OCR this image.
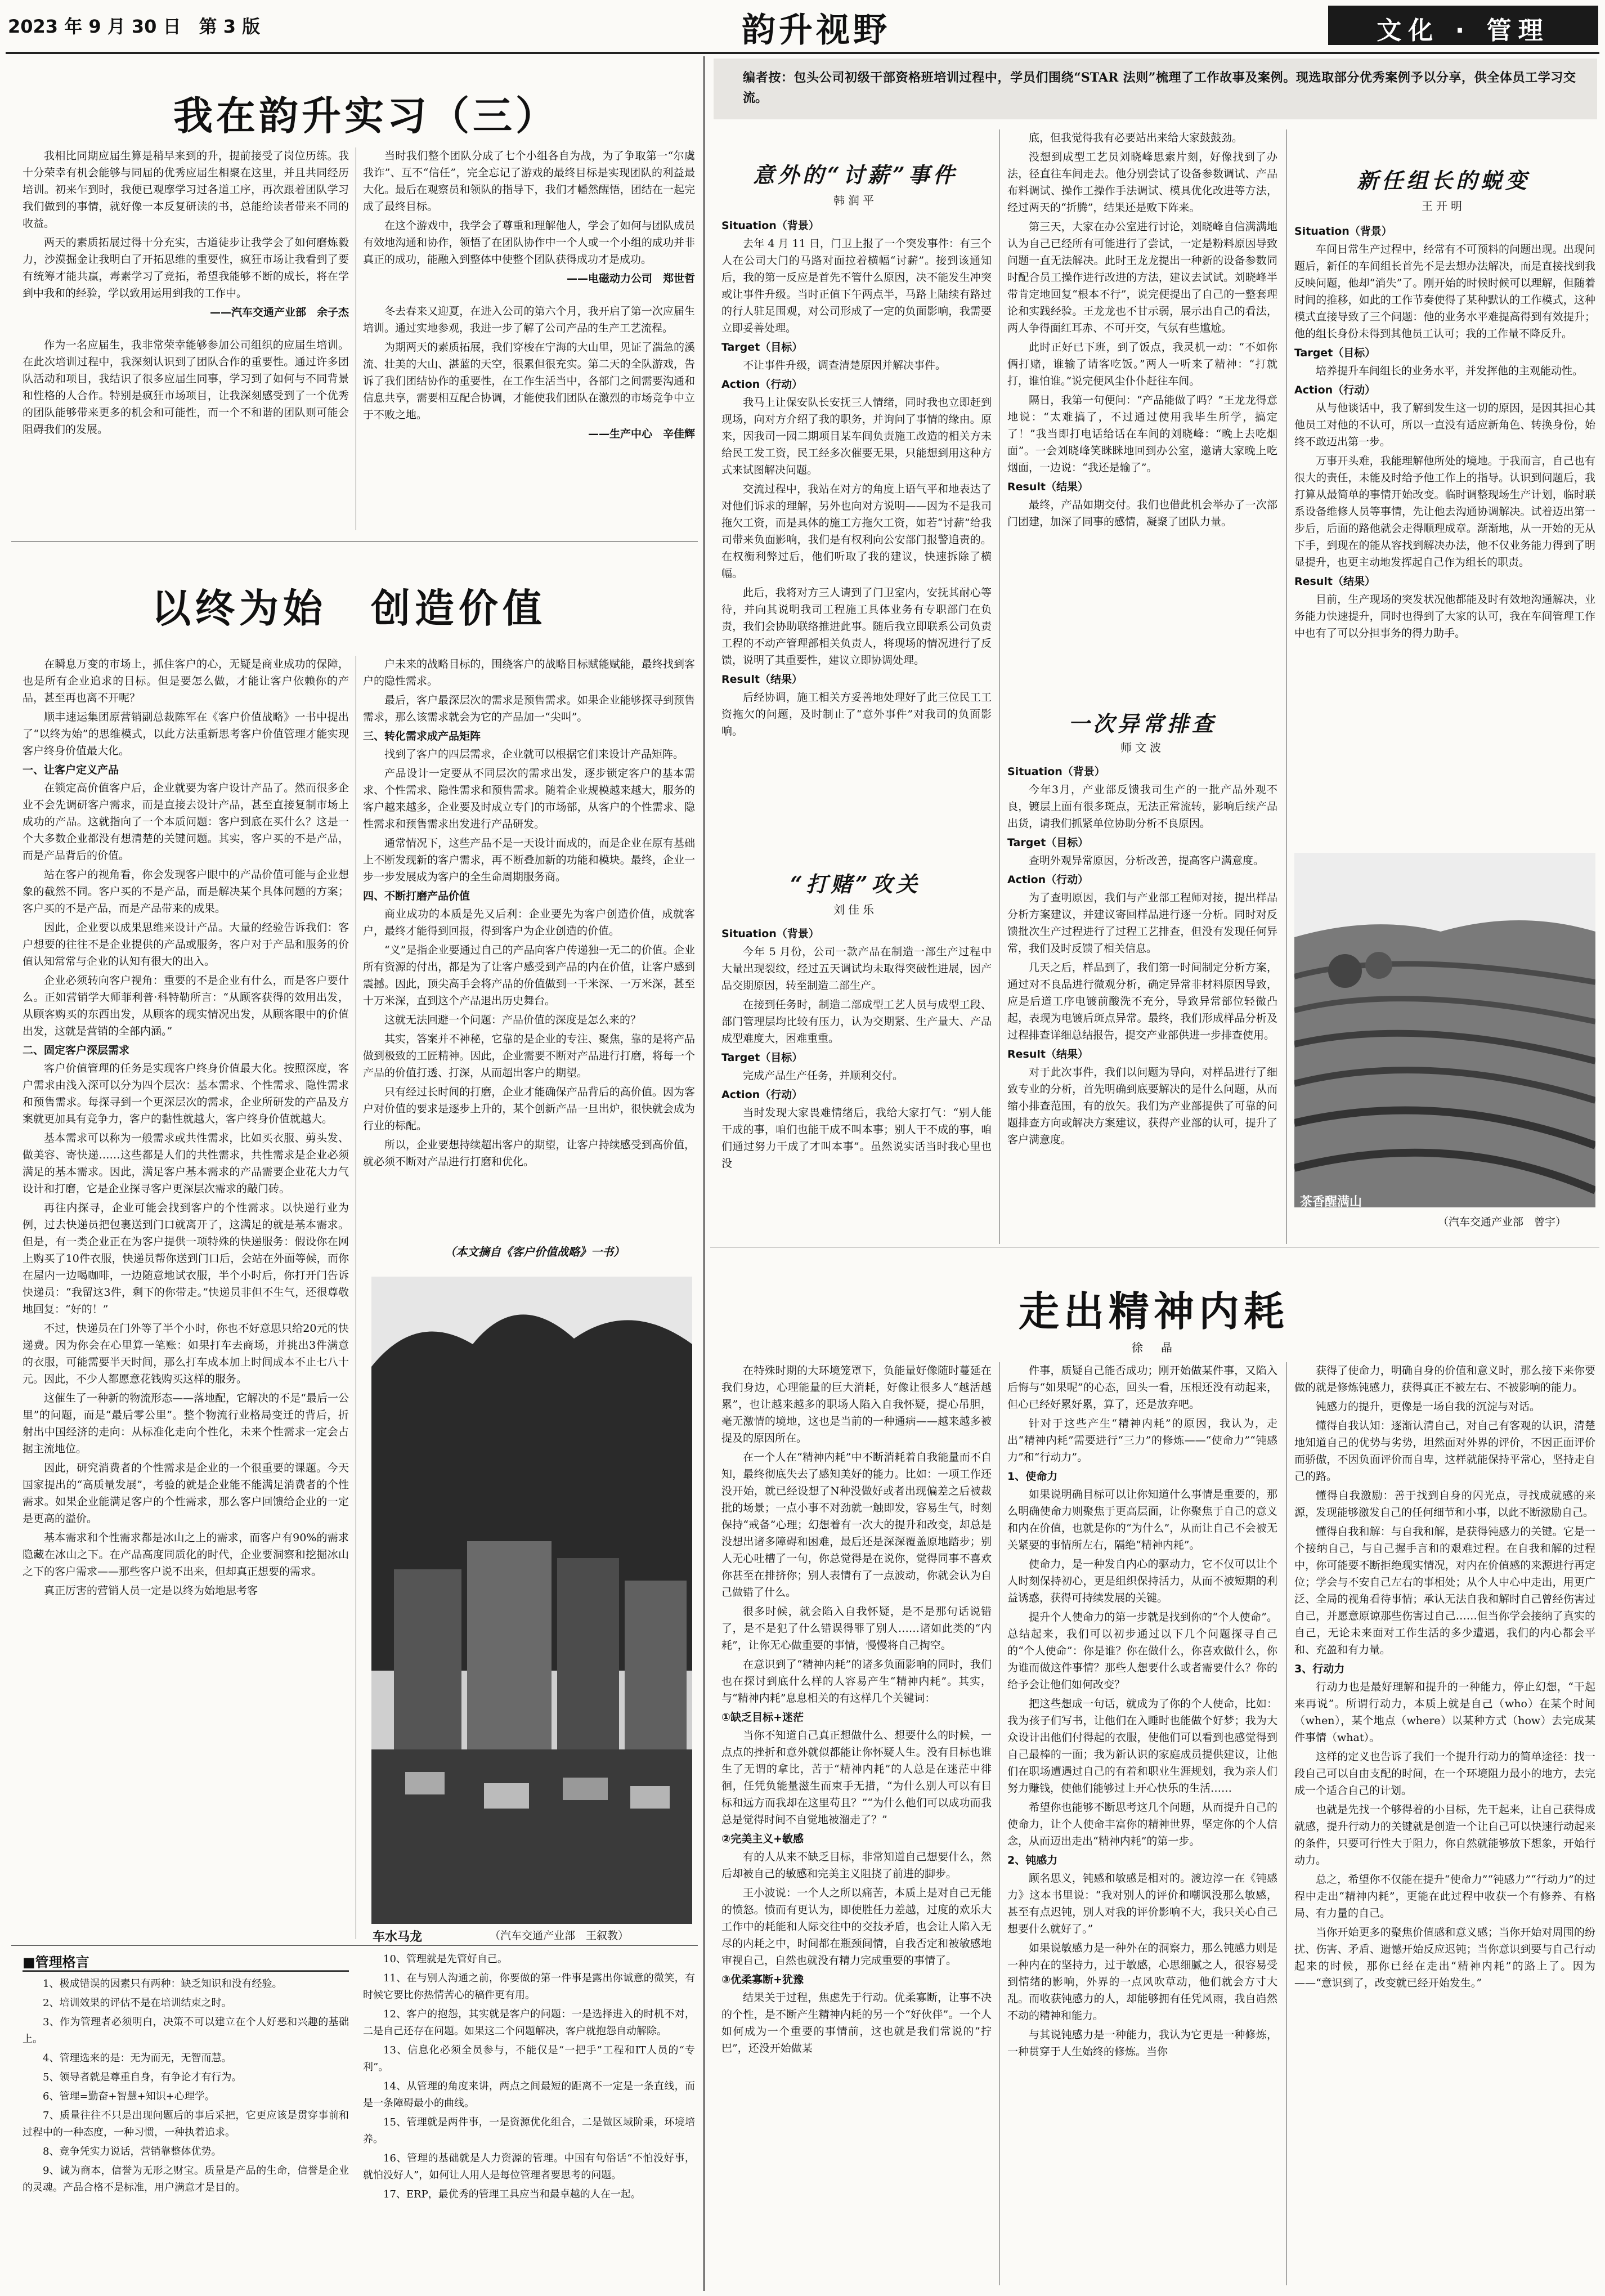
2023 年 9 月 30 日　第 3 版	韵升视野	文化 · 管理
我在韵升实习（三）

我相比同期应届生算是稍早来到的升，提前接受了岗位历练。我十分荣幸有机会能够与同届的优秀应届生相聚在这里，并且共同经历培训。初来乍到时，我便已观摩学习过各道工序，再次跟着团队学习我们做到的事情，就好像一本反复研读的书，总能给读者带来不同的收益。

两天的素质拓展过得十分充实，古道徒步让我学会了如何磨炼毅力，沙漠掘金让我明白了开拓思维的重要性，疯狂市场让我看到了要有统筹才能共赢，毒素学习了竞拓，希望我能够不断的成长，将在学到中我和的经验，学以致用运用到我的工作中。

——汽车交通产业部　余子杰

作为一名应届生，我非常荣幸能够参加公司组织的应届生培训。在此次培训过程中，我深刻认识到了团队合作的重要性。通过许多团队活动和项目，我结识了很多应届生同事，学习到了如何与不同背景和性格的人合作。特别是疯狂市场项目，让我深刻感受到了一个优秀的团队能够带来更多的机会和可能性，而一个不和谐的团队则可能会阻碍我们的发展。

当时我们整个团队分成了七个小组各自为战，为了争取第一“尔虞我诈”、互不“信任”，完全忘记了游戏的最终目标是实现团队的利益最大化。最后在观察员和领队的指导下，我们才幡然醒悟，团结在一起完成了最终目标。

在这个游戏中，我学会了尊重和理解他人，学会了如何与团队成员有效地沟通和协作，领悟了在团队协作中一个人或一个小组的成功并非真正的成功，能融入到整体中使整个团队获得成功才是成功。

——电磁动力公司　郑世哲

冬去春来又迎夏，在进入公司的第六个月，我开启了第一次应届生培训。通过实地参观，我进一步了解了公司产品的生产工艺流程。

为期两天的素质拓展，我们穿梭在宁海的大山里，见证了湍急的溪流、壮美的大山、湛蓝的天空，很累但很充实。第二天的全队游戏，告诉了我们团结协作的重要性，在工作生活当中，各部门之间需要沟通和信息共享，需要相互配合协调，才能使我们团队在激烈的市场竞争中立于不败之地。

——生产中心　辛佳辉

以终为始　创造价值

在瞬息万变的市场上，抓住客户的心，无疑是商业成功的保障，也是所有企业追求的目标。但是要怎么做，才能让客户依赖你的产品，甚至再也离不开呢？

顺丰速运集团原营销副总裁陈军在《客户价值战略》一书中提出了“以终为始”的思维模式，以此方法重新思考客户价值管理才能实现客户终身价值最大化。

一、让客户定义产品

在锁定高价值客户后，企业就要为客户设计产品了。然而很多企业不会先调研客户需求，而是直接去设计产品，甚至直接复制市场上成功的产品。这就指向了一个本质问题：客户到底在买什么？这是一个大多数企业都没有想清楚的关键问题。其实，客户买的不是产品，而是产品背后的价值。

站在客户的视角看，你会发现客户眼中的产品价值可能与企业想象的截然不同。客户买的不是产品，而是解决某个具体问题的方案；客户买的不是产品，而是产品带来的成果。

因此，企业要以成果思维来设计产品。大量的经验告诉我们：客户想要的往往不是企业提供的产品或服务，客户对于产品和服务的价值认知常常与企业的认知有很大的出入。

企业必须转向客户视角：重要的不是企业有什么，而是客户要什么。正如营销学大师菲利普·科特勒所言：“从顾客获得的效用出发，从顾客购买的东西出发，从顾客的现实情况出发，从顾客眼中的价值出发，这就是营销的全部内涵。”

二、固定客户深层需求

客户价值管理的任务是实现客户终身价值最大化。按照深度，客户需求由浅入深可以分为四个层次：基本需求、个性需求、隐性需求和预售需求。每探寻到一个更深层次的需求，企业所研发的产品及方案就更加具有竞争力，客户的黏性就越大，客户终身价值就越大。

基本需求可以称为一般需求或共性需求，比如买衣服、剪头发、做美容、寄快递……这些都是人们的共性需求，共性需求是企业必须满足的基本需求。因此，满足客户基本需求的产品需要企业花大力气设计和打磨，它是企业探寻客户更深层次需求的敲门砖。

再往内探寻，企业可能会找到客户的个性需求。以快递行业为例，过去快递员把包裹送到门口就离开了，这满足的就是基本需求。但是，有一类企业正在为客户提供一项特殊的快递服务：假设你在网上购买了10件衣服，快递员帮你送到门口后，会站在外面等候，而你在屋内一边喝咖啡，一边随意地试衣服，半个小时后，你打开门告诉快递员：“我留这3件，剩下的你带走。”快递员非但不生气，还很尊敬地回复：“好的！”

不过，快递员在门外等了半个小时，你也不好意思只给20元的快递费。因为你会在心里算一笔账：如果打车去商场，并挑出3件满意的衣服，可能需要半天时间，那么打车成本加上时间成本不止七八十元。因此，不少人都愿意花钱购买这样的服务。

这催生了一种新的物流形态——落地配，它解决的不是“最后一公里”的问题，而是“最后零公里”。整个物流行业格局变迁的背后，折射出中国经济的走向：从标准化走向个性化，未来个性需求一定会占据主流地位。

因此，研究消费者的个性需求是企业的一个很重要的课题。今天国家提出的“高质量发展”，考验的就是企业能不能满足消费者的个性需求。如果企业能满足客户的个性需求，那么客户回馈给企业的一定是更高的溢价。

基本需求和个性需求都是冰山之上的需求，而客户有90%的需求隐藏在冰山之下。在产品高度同质化的时代，企业要洞察和挖掘冰山之下的客户需求——那些客户说不出来，但却真正想要的需求。

真正厉害的营销人员一定是以终为始地思考客

户未来的战略目标的，围绕客户的战略目标赋能赋能，最终找到客户的隐性需求。

最后，客户最深层次的需求是预售需求。如果企业能够探寻到预售需求，那么该需求就会为它的产品加一“尖叫”。

三、转化需求成产品矩阵

找到了客户的四层需求，企业就可以根据它们来设计产品矩阵。

产品设计一定要从不同层次的需求出发，逐步锁定客户的基本需求、个性需求、隐性需求和预售需求。随着企业规模越来越大，服务的客户越来越多，企业要及时成立专门的市场部，从客户的个性需求、隐性需求和预售需求出发进行产品研发。

通常情况下，这些产品不是一天设计而成的，而是企业在原有基础上不断发现新的客户需求，再不断叠加新的功能和模块。最终，企业一步一步发展成为客户的全生命周期服务商。

四、不断打磨产品价值

商业成功的本质是先又后利：企业要先为客户创造价值，成就客户，最终才能得到回报，得到客户为企业创造的价值。

“义”是指企业要通过自己的产品向客户传递独一无二的价值。企业所有资源的付出，都是为了让客户感受到产品的内在价值，让客户感到震撼。因此，顶尖高手会将产品的价值做到一千米深、一万米深，甚至十万米深，直到这个产品退出历史舞台。

这就无法回避一个问题：产品价值的深度是怎么来的？

其实，答案并不神秘，它靠的是企业的专注、聚焦，靠的是将产品做到极致的工匠精神。因此，企业需要不断对产品进行打磨，将每一个产品的价值打透、打深，从而超出客户的期望。

只有经过长时间的打磨，企业才能确保产品背后的高价值。因为客户对价值的要求是逐步上升的，某个创新产品一旦出炉，很快就会成为行业的标配。

所以，企业要想持续超出客户的期望，让客户持续感受到高价值，就必须不断对产品进行打磨和优化。

（本文摘自《客户价值战略》一书）
车水马龙	（汽车交通产业部　王叙教）
■管理格言

1、极成错误的因素只有两种：缺乏知识和没有经验。

2、培训效果的评估不是在培训结束之时。

3、作为管理者必须明白，决策不可以建立在个人好恶和兴趣的基础上。

4、管理选来的是：无为而无，无智而慧。

5、领导者就是尊重自身，有争论才有行为。

6、管理=勤奋+智慧+知识+心理学。

7、质量往往不只是出现问题后的事后采把，它更应该是贯穿事前和过程中的一种态度，一种习惯，一种执着追求。

8、竞争凭实力说话，营销靠整体优势。

9、诚为商本，信誉为无形之财宝。质量是产品的生命，信誉是企业的灵魂。产品合格不是标准，用户满意才是目的。

10、管理就是先管好自己。

11、在与别人沟通之前，你要做的第一件事是露出你诚意的微笑，有时候它要比你热情苦心的稿件更有用。

12、客户的抱怨，其实就是客户的问题：一是选择进入的时机不对，二是自己还存在问题。如果这二个问题解决，客户就抱怨自动解除。

13、信息化必须全员参与，不能仅是“一把手”工程和IT人员的“专利”。

14、从管理的角度来讲，两点之间最短的距离不一定是一条直线，而是一条障碍最小的曲线。

15、管理就是两件事，一是资源优化组合，二是做区域阶乘，环境培养。

16、管理的基础就是人力资源的管理。中国有句俗话“不怕没好事，就怕没好人”，如何让人用人是每位管理者要思考的问题。

17、ERP，最优秀的管理工具应当和最卓越的人在一起。

编者按：包头公司初级干部资格班培训过程中，学员们围绕“STAR 法则”梳理了工作故事及案例。现选取部分优秀案例予以分享，供全体员工学习交流。
意外的“讨薪”事件
韩润平
Situation（背景）

去年 4 月 11 日，门卫上报了一个突发事件：有三个人在公司大门的马路对面拉着横幅“讨薪”。接到该通知后，我的第一反应是首先不管什么原因，决不能发生冲突或让事件升级。当时正值下午两点半，马路上陆续有路过的行人驻足围观，对公司形成了一定的负面影响，我需要立即妥善处理。

Target（目标）

不让事件升级，调查清楚原因并解决事件。

Action（行动）

我马上让保安队长安抚三人情绪，同时我也立即赶到现场，向对方介绍了我的职务，并询问了事情的缘由。原来，因我司一园二期项目某车间负责施工改造的相关方未给民工发工资，民工经多次催要无果，只能想到用这种方式来试图解决问题。

交流过程中，我站在对方的角度上语气平和地表达了对他们诉求的理解，另外也向对方说明——因为不是我司拖欠工资，而是具体的施工方拖欠工资，如若“讨薪”给我司带来负面影响，我们是有权利向公安部门报警追责的。在权衡利弊过后，他们听取了我的建议，快速拆除了横幅。

此后，我将对方三人请到了门卫室内，安抚其耐心等待，并向其说明我司工程施工具体业务有专职部门在负责，我们会协助联络推进此事。随后我立即联系公司负责工程的不动产管理部相关负责人，将现场的情况进行了反馈，说明了其重要性，建议立即协调处理。

Result（结果）

后经协调，施工相关方妥善地处理好了此三位民工工资拖欠的问题，及时制止了“意外事件”对我司的负面影响。

“打赌”攻关
刘佳乐
Situation（背景）

今年 5 月份，公司一款产品在制造一部生产过程中大量出现裂纹，经过五天调试均未取得突破性进展，因产品交期原因，转至制造二部生产。

在接到任务时，制造二部成型工艺人员与成型工段、部门管理层均比较有压力，认为交期紧、生产量大、产品成型难度大，困难重重。

Target（目标）

完成产品生产任务，并顺利交付。

Action（行动）

当时发现大家畏难情绪后，我给大家打气：“别人能干成的事，咱们也能干成不叫本事；别人干不成的事，咱们通过努力干成了才叫本事”。虽然说实话当时我心里也没

底，但我觉得我有必要站出来给大家鼓鼓劲。

没想到成型工艺员刘晓峰思索片刻，好像找到了办法，径直往车间走去。他分别尝试了设备参数调试、产品布料调试、操作工操作手法调试、模具优化改进等方法，经过两天的“折腾”，结果还是败下阵来。

第三天，大家在办公室进行讨论，刘晓峰自信满满地认为自己已经所有可能进行了尝试，一定是粉料原因导致问题一直无法解决。此时王龙龙提出一种新的设备参数同时配合员工操作进行改进的方法，建议去试试。刘晓峰半带肯定地回复“根本不行”，说完便提出了自己的一整套理论和实践经验。王龙龙也不甘示弱，展示出自己的看法，两人争得面红耳赤、不可开交，气氛有些尴尬。

此时正好已下班，到了饭点，我灵机一动：“不如你俩打赌，谁输了请客吃饭。”两人一听来了精神：“打就打，谁怕谁。”说完便风尘仆仆赶往车间。

隔日，我第一句便问：“产品能做了吗？”王龙龙得意地说：“太难搞了，不过通过使用我毕生所学，搞定了！”我当即打电话给话在车间的刘晓峰：“晚上去吃烟面”。一会刘晓峰笑眯眯地回到办公室，邀请大家晚上吃烟面，一边说：“我还是输了”。

Result（结果）

最终，产品如期交付。我们也借此机会举办了一次部门团建，加深了同事的感情，凝聚了团队力量。

一次异常排查
师文波
Situation（背景）

今年3月，产业部反馈我司生产的一批产品外观不良，镀层上面有很多斑点，无法正常流转，影响后续产品出货，请我们抓紧单位协助分析不良原因。

Target（目标）

查明外观异常原因，分析改善，提高客户满意度。

Action（行动）

为了查明原因，我们与产业部工程师对接，提出样品分析方案建议，并建议寄回样品进行逐一分析。同时对反馈批次生产过程进行了过程工艺排查，但没有发现任何异常，我们及时反馈了相关信息。

几天之后，样品到了，我们第一时间制定分析方案，通过对不良品进行微观分析，确定异常非材料原因导致，应是后道工序电镀前酸洗不充分，导致异常部位轻微凸起，表现为电镀后斑点异常。最终，我们形成样品分析及过程排查详细总结报告，提交产业部供进一步排查使用。

Result（结果）

对于此次事件，我们以问题为导向，对样品进行了细致专业的分析，首先明确到底要解决的是什么问题，从而缩小排查范围，有的放矢。我们为产业部提供了可靠的问题排查方向或解决方案建议，获得产业部的认可，提升了客户满意度。

新任组长的蜕变
王开明
Situation（背景）

车间日常生产过程中，经常有不可预料的问题出现。出现问题后，新任的车间组长首先不是去想办法解决，而是直接找到我反映问题，他却“消失”了。刚开始的时候时候可以理解，但随着时间的推移，如此的工作节奏使得了某种默认的工作模式，这种模式直接导致了三个问题：他的业务水平难提高得到有效提升；他的组长身份未得到其他员工认可；我的工作量不降反升。

Target（目标）

培养提升车间组长的业务水平，并发挥他的主观能动性。

Action（行动）

从与他谈话中，我了解到发生这一切的原因，是因其担心其他员工对他的不认可，所以一直没有适应新角色、转换身份，始终不敢迈出第一步。

万事开头难，我能理解他所处的境地。于我而言，自己也有很大的责任，未能及时给予他工作上的指导。认识到问题后，我打算从最简单的事情开始改变。临时调整现场生产计划，临时联系设备维修人员等事情，先让他去沟通协调解决。试着迈出第一步后，后面的路他就会走得顺理成章。渐渐地，从一开始的无从下手，到现在的能从容找到解决办法，他不仅业务能力得到了明显提升，也更主动地发挥起自己作为组长的职责。

Result（结果）

目前，生产现场的突发状况他都能及时有效地沟通解决，业务能力快速提升，同时也得到了大家的认可，我在车间管理工作中也有了可以分担事务的得力助手。

茶香醒满山
（汽车交通产业部　曾宇）
走出精神内耗
徐　晶

在特殊时期的大环境笼罩下，负能量好像随时蔓延在我们身边，心理能量的巨大消耗，好像让很多人“越活越累”，也让越来越多的职场人陷入自我怀疑，提心吊胆，毫无激情的境地，这也是当前的一种通病——越来越多被提及的原因所在。

在一个人在“精神内耗”中不断消耗着自我能量而不自知，最终彻底失去了感知美好的能力。比如：一项工作还没开始，就已经设想了N种没做好或者出现偏差之后被裁批的场景；一点小事不对劲就一触即发，容易生气，时刻保持“戒备”心理；幻想着有一次大的提升和改变，却总是没想出诸多障碍和困难，最后还是深深覆盖原地踏步；别人无心吐槽了一句，你总觉得是在说你，觉得同事不喜欢你甚至在排挤你；别人表情有了一点波动，你就会认为自己做错了什么。

很多时候，就会陷入自我怀疑，是不是那句话说错了，是不是犯了什么错误得罪了别人……诸如此类的“内耗”，让你无心做重要的事情，慢慢将自己掏空。

在意识到了“精神内耗”的诸多负面影响的同时，我们也在探讨到底什么样的人容易产生“精神内耗”。其实，与“精神内耗”息息相关的有这样几个关键词：

①缺乏目标+迷茫

当你不知道自己真正想做什么、想要什么的时候，一点点的挫折和意外就似都能让你怀疑人生。没有目标也谁生了无谓的拿比，苦于“精神内耗”的人总是在迷茫中徘徊，任凭负能量滋生而束手无措，“为什么别人可以有目标和远方而我却在这里苟且？”“为什么他们可以成功而我总是觉得时间不自觉地被溜走了？”

②完美主义+敏感

有的人从来不缺乏目标，非常知道自己想要什么，然后却被自己的敏感和完美主义阻挠了前进的脚步。

王小波说：一个人之所以痛苦，本质上是对自己无能的愤怒。愤而有更认为，即使胜任力差越，过度的欢乐大工作中的耗能和人际交往中的交技矛盾，也会让人陷入无尽的内耗之中，时间都在瓶颈间情，自我否定和被敏感地审视自己，自然也就没有精力完成重要的事情了。

③优柔寡断+犹豫

结果关于过程，焦虑先于行动。优柔寡断，让事不决的个性，是不断产生精神内耗的另一个“好伙伴”。一个人如何成为一个重要的事情前，这也就是我们常说的“拧巴”，还没开始做某

件事，质疑自己能否成功；刚开始做某件事，又陷入后悔与“如果呢”的心态，回头一看，压根还没有动起来，但心已经好累好累，算了，还是放弃吧。

针对于这些产生“精神内耗”的原因，我认为，走出“精神内耗”需要进行“三力”的修炼——“使命力”“钝感力”和“行动力”。

1、使命力

如果说明确目标可以让你知道什么事情是重要的，那么明确使命力则聚焦于更高层面，让你聚焦于自己的意义和内在价值，也就是你的“为什么”，从而让自己不会被无关紧要的事情所左右，隔绝“精神内耗”。

使命力，是一种发自内心的驱动力，它不仅可以让个人时刻保持初心，更是组织保持活力，从而不被短期的利益诱惑，获得可持续发展的关键。

提升个人使命力的第一步就是找到你的“个人使命”。总结起来，我们可以初步通过以下几个问题探寻自己的“个人使命”：你是谁？你在做什么，你喜欢做什么，你为谁而做这件事情？那些人想要什么或者需要什么？你的给予会让他们如何改变？

把这些想成一句话，就成为了你的个人使命，比如：我为孩子们写书，让他们在入睡时也能做个好梦；我为大众设计出他们付得起的衣服，使他们可以看到也感觉得到自己最棒的一面；我为新认识的家庭成员提供建议，让他们在职场遭遇过自己的有着和职业生涯规划，我为亲人们努力赚钱，使他们能够过上开心快乐的生活……

希望你也能够不断思考这几个问题，从而提升自己的使命力，让个人使命丰富你的精神世界，坚定你的个人信念，从而迈出走出“精神内耗”的第一步。

2、钝感力

顾名思义，钝感和敏感是相对的。渡边淳一在《钝感力》这本书里说：“我对别人的评价和嘲讽没那么敏感，甚至有点迟钝，别人对我的评价影响不大，我只关心自己想要什么就好了。”

如果说敏感力是一种外在的洞察力，那么钝感力则是一种内在的坚持力，过于敏感，心思细腻之人，很容易受到情绪的影响，外界的一点风吹草动，他们就会方寸大乱。而收获钝感力的人，却能够拥有任凭风雨，我自岿然不动的精神和能力。

与其说钝感力是一种能力，我认为它更是一种修炼，一种贯穿于人生始终的修炼。当你

获得了使命力，明确自身的价值和意义时，那么接下来你要做的就是修炼钝感力，获得真正不被左右、不被影响的能力。

钝感力的提升，更像是一场自我的沉淀与对话。

懂得自我认知：逐渐认清自己，对自己有客观的认识，清楚地知道自己的优势与劣势，坦然面对外界的评价，不因正面评价而骄傲，不因负面评价而自卑，这样就能保持平常心，坚持走自己的路。

懂得自我激励：善于找到自身的闪光点，寻找成就感的来源，发现能够激发自己的任何细节和小事，以此不断激励自己。

懂得自我和解：与自我和解，是获得钝感力的关键。它是一个接纳自己，与自己握手言和的艰难过程。在自我和解的过程中，你可能要不断拒绝现实情况，对内在价值感的来源进行再定位；学会与不安自己左右的事相处；从个人中心中走出，用更广泛、全局的视角看待事情；承认无法自我和解时自己曾经伤害过自己，并愿意原谅那些伤害过自己……但当你学会接纳了真实的自己，无论未来面对工作生活的多少遭遇，我们的内心都会平和、充盈和有力量。

3、行动力

行动力也是最好理解和提升的一种能力，停止幻想，“干起来再说”。所谓行动力，本质上就是自己（who）在某个时间（when），某个地点（where）以某种方式（how）去完成某件事情（what）。

这样的定义也告诉了我们一个提升行动力的简单途径：找一段自己可以自由支配的时间，在一个环境阻力最小的地方，去完成一个适合自己的计划。

也就是先找一个够得着的小目标，先干起来，让自己获得成就感，提升行动力的关键就是创造一个让自己可以快速行动起来的条件，只要可行性大于阻力，你自然就能够放下想象，开始行动力。

总之，希望你不仅能在提升“使命力”“钝感力”“行动力”的过程中走出“精神内耗”，更能在此过程中收获一个有修养、有格局、有力量的自己。

当你开始更多的聚焦价值感和意义感；当你开始对周围的纷扰、伤害、矛盾、遗憾开始反应迟钝；当你意识到要与自己行动起来的时候，那你已经在走出“精神内耗”的路上了。因为——“意识到了，改变就已经开始发生。”
